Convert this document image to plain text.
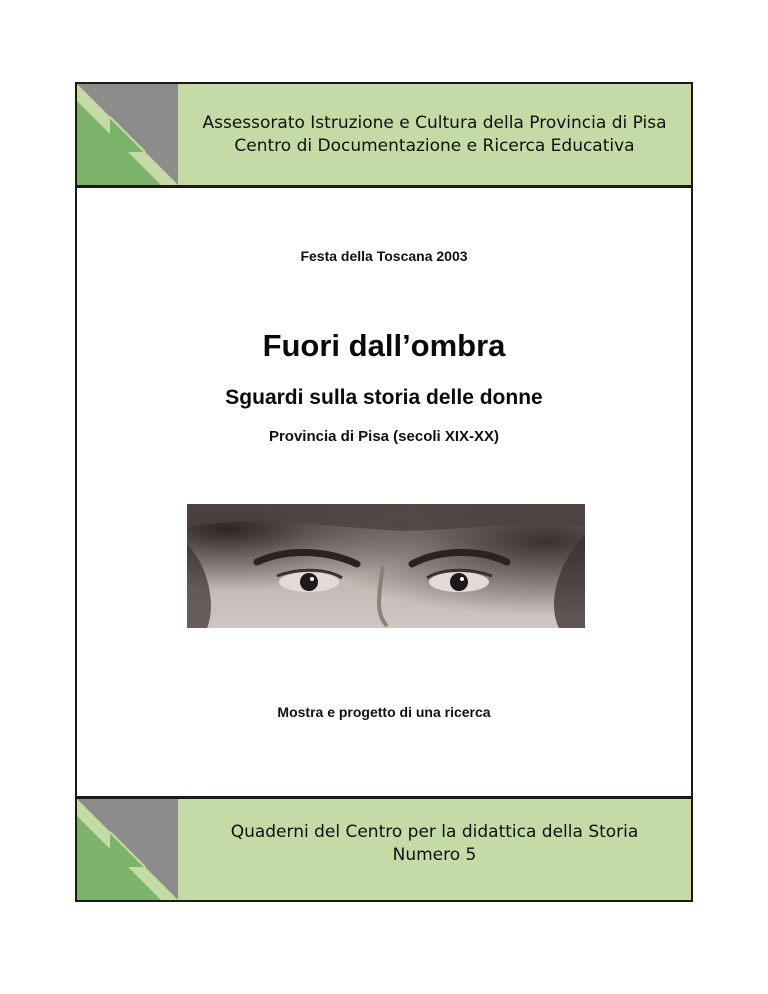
Assessorato Istruzione e Cultura della Provincia di Pisa
Centro di Documentazione e Ricerca Educativa
Festa della Toscana 2003
Fuori dall’ombra
Sguardi sulla storia delle donne
Provincia di Pisa (secoli XIX-XX)
Mostra e progetto di una ricerca
Quaderni del Centro per la didattica della Storia
Numero 5
